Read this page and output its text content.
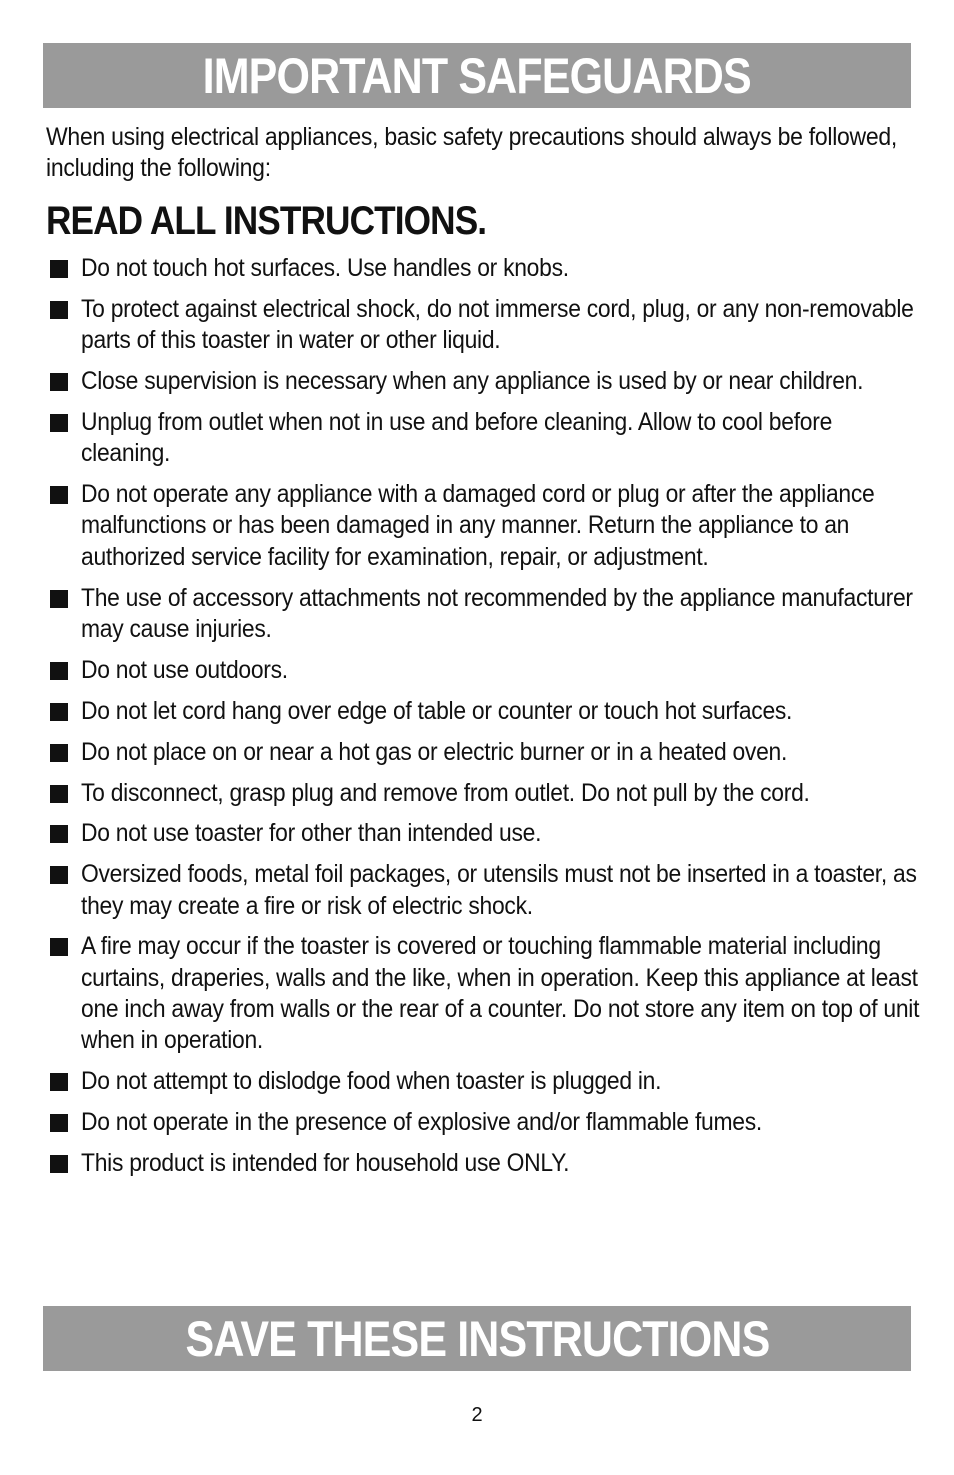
IMPORTANT SAFEGUARDS

When using electrical appliances, basic safety precautions should always be followed, including the following:

READ ALL INSTRUCTIONS.
Do not touch hot surfaces. Use handles or knobs.
To protect against electrical shock, do not immerse cord, plug, or any non-removable parts of this toaster in water or other liquid.
Close supervision is necessary when any appliance is used by or near children.
Unplug from outlet when not in use and before cleaning. Allow to cool before cleaning.
Do not operate any appliance with a damaged cord or plug or after the appliance malfunctions or has been damaged in any manner. Return the appliance to an authorized service facility for examination, repair, or adjustment.
The use of accessory attachments not recommended by the appliance manufacturer may cause injuries.
Do not use outdoors.
Do not let cord hang over edge of table or counter or touch hot surfaces.
Do not place on or near a hot gas or electric burner or in a heated oven.
To disconnect, grasp plug and remove from outlet. Do not pull by the cord.
Do not use toaster for other than intended use.
Oversized foods, metal foil packages, or utensils must not be inserted in a toaster, as they may create a fire or risk of electric shock.
A fire may occur if the toaster is covered or touching flammable material including curtains, draperies, walls and the like, when in operation. Keep this appliance at least one inch away from walls or the rear of a counter. Do not store any item on top of unit when in operation.
Do not attempt to dislodge food when toaster is plugged in.
Do not operate in the presence of explosive and/or flammable fumes.
This product is intended for household use ONLY.
SAVE THESE INSTRUCTIONS
2
